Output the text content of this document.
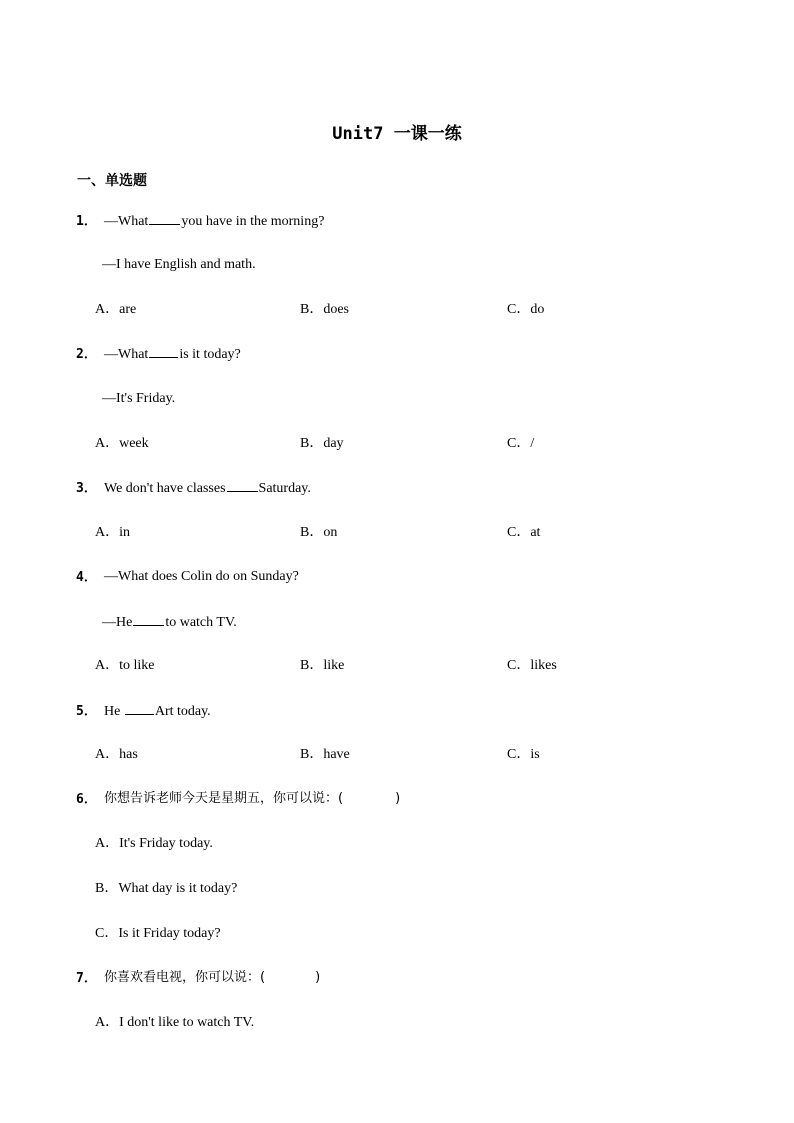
Unit7 一课一练
一、单选题
1． —What you have in the morning?
—I have English and math.
A．are	B．does	C．do
2． —What is it today?
—It's Friday.
A．week	B．day	C．/
3． We don't have classes Saturday.
A．in	B．on	C．at
4． —What does Colin do on Sunday?
—He to watch TV.
A．to like	B．like	C．likes
5． He Art today.
A．has	B．have	C．is
6． 你想告诉老师今天是星期五，你可以说：(	)
A．It's Friday today.
B．What day is it today?
C．Is it Friday today?
7． 你喜欢看电视，你可以说：(	)
A．I don't like to watch TV.
